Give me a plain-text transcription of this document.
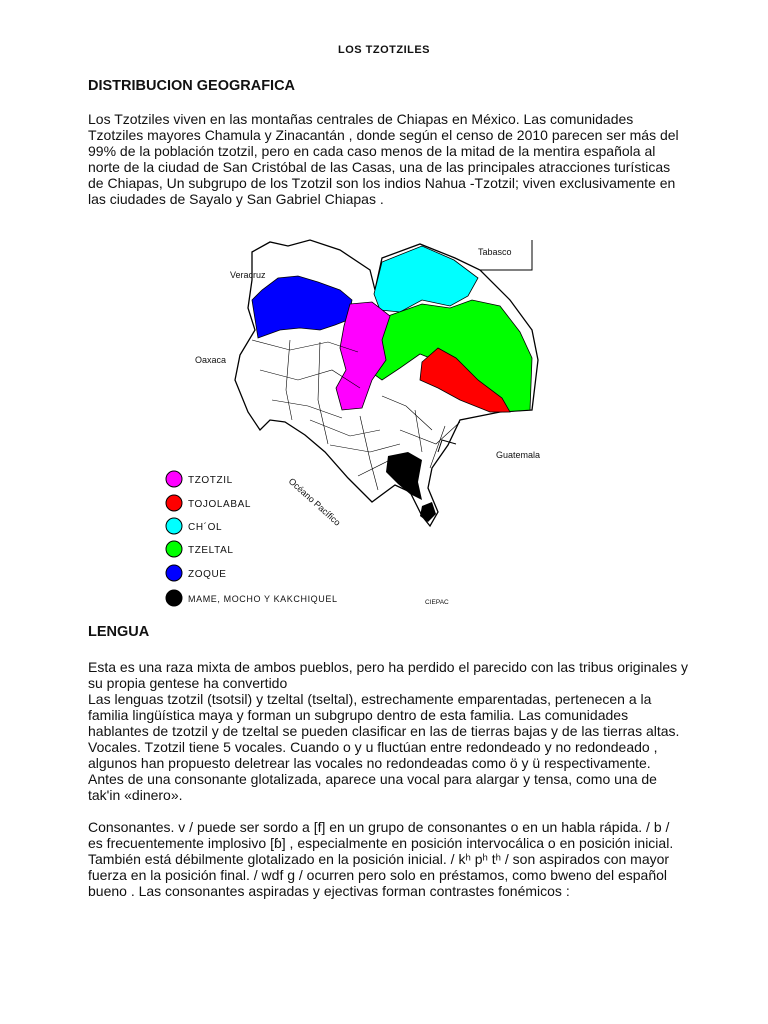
LOS TZOTZILES
DISTRIBUCION GEOGRAFICA

Los Tzotziles viven en las montañas centrales de Chiapas en México. Las comunidades Tzotziles mayores Chamula y Zinacantán , donde según el censo de 2010 parecen ser más del 99% de la población tzotzil, pero en cada caso menos de la mitad de la mentira española al norte de la ciudad de San Cristóbal de las Casas, una de las principales atracciones turísticas de Chiapas, Un subgrupo de los Tzotzil son los indios Nahua -Tzotzil; viven exclusivamente en las ciudades de Sayalo y San Gabriel Chiapas .

Veracruz
Tabasco
Oaxaca
Guatemala
Océano Pacífico
CIEPAC
TZOTZIL
TOJOLABAL
CH´OL
TZELTAL
ZOQUE
MAME, MOCHO Y KAKCHIQUEL
LENGUA

Esta es una raza mixta de ambos pueblos, pero ha perdido el parecido con las tribus originales y su propia gentese ha convertido

Las lenguas tzotzil (tsotsil) y tzeltal (tseltal), estrechamente emparentadas, pertenecen a la familia lingüística maya y forman un subgrupo dentro de esta familia. Las comunidades hablantes de tzotzil y de tzeltal se pueden clasificar en las de tierras bajas y de las tierras altas.

Vocales. Tzotzil tiene 5 vocales. Cuando o y u fluctúan entre redondeado y no redondeado , algunos han propuesto deletrear las vocales no redondeadas como ö y ü respectivamente.

Antes de una consonante glotalizada, aparece una vocal para alargar y tensa, como una de tak'in «dinero».

Consonantes. v / puede ser sordo a [f] en un grupo de consonantes o en un habla rápida. / b / es frecuentemente implosivo [ɓ] , especialmente en posición intervocálica o en posición inicial. También está débilmente glotalizado en la posición inicial. / kʰ pʰ tʰ / son aspirados con mayor fuerza en la posición final. / wdf g / ocurren pero solo en préstamos, como bweno del español bueno . Las consonantes aspiradas y ejectivas forman contrastes fonémicos :
